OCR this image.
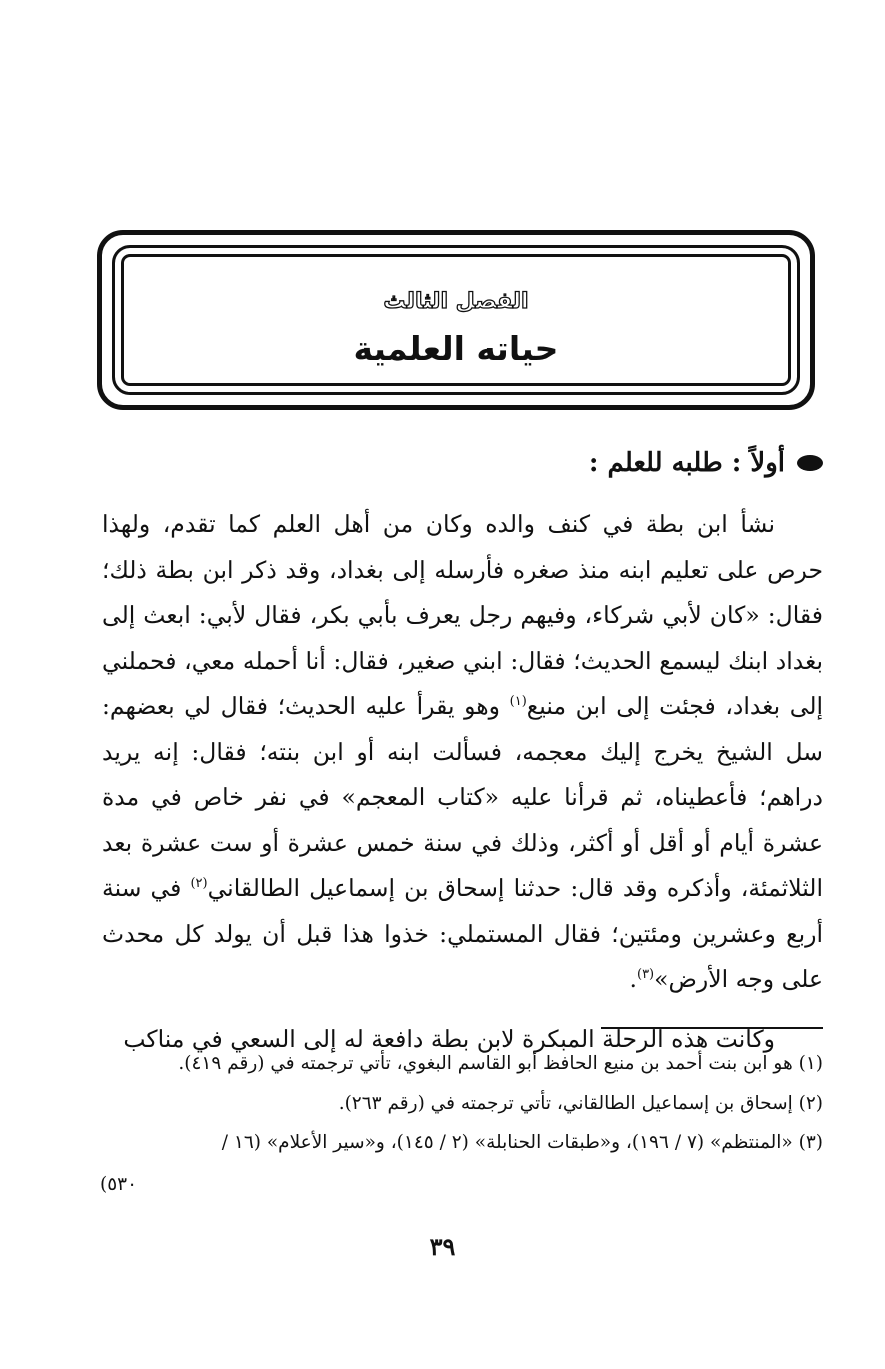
الفصل الثالث
حياته العلمية
أولاً : طلبه للعلم :

نشأ ابن بطة في كنف والده وكان من أهل العلم كما تقدم، ولهذا حرص على تعليم ابنه منذ صغره فأرسله إلى بغداد، وقد ذكر ابن بطة ذلك؛ فقال: «كان لأبي شركاء، وفيهم رجل يعرف بأبي بكر، فقال لأبي: ابعث إلى بغداد ابنك ليسمع الحديث؛ فقال: ابني صغير، فقال: أنا أحمله معي، فحملني إلى بغداد، فجئت إلى ابن منيع$^{(١)}$ وهو يقرأ عليه الحديث؛ فقال لي بعضهم: سل الشيخ يخرج إليك معجمه، فسألت ابنه أو ابن بنته؛ فقال: إنه يريد دراهم؛ فأعطيناه، ثم قرأنا عليه «كتاب المعجم» في نفر خاص في مدة عشرة أيام أو أقل أو أكثر، وذلك في سنة خمس عشرة أو ست عشرة بعد الثلاثمئة، وأذكره وقد قال: حدثنا إسحاق بن إسماعيل الطالقاني$^{(٢)}$ في سنة أربع وعشرين ومئتين؛ فقال المستملي: خذوا هذا قبل أن يولد كل محدث على وجه الأرض»$^{(٣)}$.

وكانت هذه الرحلة المبكرة لابن بطة دافعة له إلى السعي في مناكب

(١) هو ابن بنت أحمد بن منيع الحافظ أبو القاسم البغوي، تأتي ترجمته في (رقم ٤١٩).

(٢) إسحاق بن إسماعيل الطالقاني، تأتي ترجمته في (رقم ٢٦٣).

(٣) «المنتظم» (٧ / ١٩٦)، و«طبقات الحنابلة» (٢ / ١٤٥)، و«سير الأعلام» (١٦ /

٥٣٠)
٣٩
